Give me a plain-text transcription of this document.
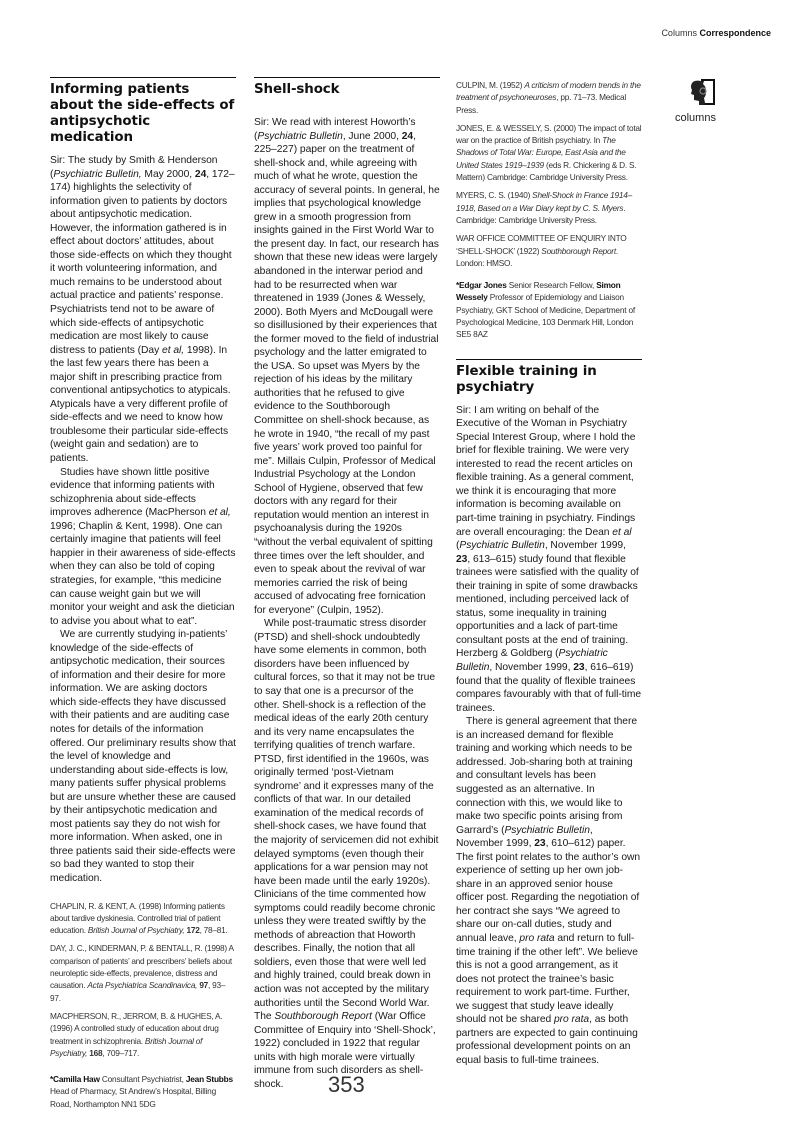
Columns Correspondence
columns
Informing patients about the side-effects of antipsychotic medication

Sir: The study by Smith & Henderson (Psychiatric Bulletin, May 2000, 24, 172–174) highlights the selectivity of information given to patients by doctors about antipsychotic medication. However, the information gathered is in effect about doctors’ attitudes, about those side-effects on which they thought it worth volunteering information, and much remains to be understood about actual practice and patients’ response. Psychiatrists tend not to be aware of which side-effects of antipsychotic medication are most likely to cause distress to patients (Day et al, 1998). In the last few years there has been a major shift in prescribing practice from conventional antipsychotics to atypicals. Atypicals have a very different profile of side-effects and we need to know how troublesome their particular side-effects (weight gain and sedation) are to patients.

Studies have shown little positive evidence that informing patients with schizophrenia about side-effects improves adherence (MacPherson et al, 1996; Chaplin & Kent, 1998). One can certainly imagine that patients will feel happier in their awareness of side-effects when they can also be told of coping strategies, for example, “this medicine can cause weight gain but we will monitor your weight and ask the dietician to advise you about what to eat”.

We are currently studying in-patients’ knowledge of the side-effects of antipsychotic medication, their sources of information and their desire for more information. We are asking doctors which side-effects they have discussed with their patients and are auditing case notes for details of the information offered. Our preliminary results show that the level of knowledge and understanding about side-effects is low, many patients suffer physical problems but are unsure whether these are caused by their antipsychotic medication and most patients say they do not wish for more information. When asked, one in three patients said their side-effects were so bad they wanted to stop their medication.

CHAPLIN, R. & KENT, A. (1998) Informing patients about tardive dyskinesia. Controlled trial of patient education. British Journal of Psychiatry, 172, 78–81.

DAY, J. C., KINDERMAN, P. & BENTALL, R. (1998) A comparison of patients’ and prescribers’ beliefs about neuroleptic side-effects, prevalence, distress and causation. Acta Psychiatrica Scandinavica, 97, 93–97.

MACPHERSON, R., JERROM, B. & HUGHES, A. (1996) A controlled study of education about drug treatment in schizophrenia. British Journal of Psychiatry, 168, 709–717.

*Camilla Haw Consultant Psychiatrist, Jean Stubbs Head of Pharmacy, St Andrew’s Hospital, Billing Road, Northampton NN1 5DG
Shell-shock

Sir: We read with interest Howorth’s (Psychiatric Bulletin, June 2000, 24, 225–227) paper on the treatment of shell-shock and, while agreeing with much of what he wrote, question the accuracy of several points. In general, he implies that psychological knowledge grew in a smooth progression from insights gained in the First World War to the present day. In fact, our research has shown that these new ideas were largely abandoned in the interwar period and had to be resurrected when war threatened in 1939 (Jones & Wessely, 2000). Both Myers and McDougall were so disillusioned by their experiences that the former moved to the field of industrial psychology and the latter emigrated to the USA. So upset was Myers by the rejection of his ideas by the military authorities that he refused to give evidence to the Southborough Committee on shell-shock because, as he wrote in 1940, “the recall of my past five years’ work proved too painful for me”. Millais Culpin, Professor of Medical Industrial Psychology at the London School of Hygiene, observed that few doctors with any regard for their reputation would mention an interest in psychoanalysis during the 1920s “without the verbal equivalent of spitting three times over the left shoulder, and even to speak about the revival of war memories carried the risk of being accused of advocating free fornication for everyone” (Culpin, 1952).

While post-traumatic stress disorder (PTSD) and shell-shock undoubtedly have some elements in common, both disorders have been influenced by cultural forces, so that it may not be true to say that one is a precursor of the other. Shell-shock is a reflection of the medical ideas of the early 20th century and its very name encapsulates the terrifying qualities of trench warfare. PTSD, first identified in the 1960s, was originally termed ‘post-Vietnam syndrome’ and it expresses many of the conflicts of that war. In our detailed examination of the medical records of shell-shock cases, we have found that the majority of servicemen did not exhibit delayed symptoms (even though their applications for a war pension may not have been made until the early 1920s). Clinicians of the time commented how symptoms could readily become chronic unless they were treated swiftly by the methods of abreaction that Howorth describes. Finally, the notion that all soldiers, even those that were well led and highly trained, could break down in action was not accepted by the military authorities until the Second World War. The Southborough Report (War Office Committee of Enquiry into ‘Shell-Shock’, 1922) concluded in 1922 that regular units with high morale were virtually immune from such disorders as shell-shock.

CULPIN, M. (1952) A criticism of modern trends in the treatment of psychoneuroses, pp. 71–73. Medical Press.

JONES, E. & WESSELY, S. (2000) The impact of total war on the practice of British psychiatry. In The Shadows of Total War: Europe, East Asia and the United States 1919–1939 (eds R. Chickering & D. S. Mattern) Cambridge: Cambridge University Press.

MYERS, C. S. (1940) Shell-Shock in France 1914–1918, Based on a War Diary kept by C. S. Myers. Cambridge: Cambridge University Press.

WAR OFFICE COMMITTEE OF ENQUIRY INTO ‘SHELL-SHOCK’ (1922) Southborough Report. London: HMSO.

*Edgar Jones Senior Research Fellow, Simon Wessely Professor of Epidemiology and Liaison Psychiatry, GKT School of Medicine, Department of Psychological Medicine, 103 Denmark Hill, London SE5 8AZ
Flexible training in psychiatry

Sir: I am writing on behalf of the Executive of the Woman in Psychiatry Special Interest Group, where I hold the brief for flexible training. We were very interested to read the recent articles on flexible training. As a general comment, we think it is encouraging that more information is becoming available on part-time training in psychiatry. Findings are overall encouraging: the Dean et al (Psychiatric Bulletin, November 1999, 23, 613–615) study found that flexible trainees were satisfied with the quality of their training in spite of some drawbacks mentioned, including perceived lack of status, some inequality in training opportunities and a lack of part-time consultant posts at the end of training. Herzberg & Goldberg (Psychiatric Bulletin, November 1999, 23, 616–619) found that the quality of flexible trainees compares favourably with that of full-time trainees.

There is general agreement that there is an increased demand for flexible training and working which needs to be addressed. Job-sharing both at training and consultant levels has been suggested as an alternative. In connection with this, we would like to make two specific points arising from Garrard’s (Psychiatric Bulletin, November 1999, 23, 610–612) paper. The first point relates to the author’s own experience of setting up her own job-share in an approved senior house officer post. Regarding the negotiation of her contract she says “We agreed to share our on-call duties, study and annual leave, pro rata and return to full-time training if the other left”. We believe this is not a good arrangement, as it does not protect the trainee’s basic requirement to work part-time. Further, we suggest that study leave ideally should not be shared pro rata, as both partners are expected to gain continuing professional development points on an equal basis to full-time trainees.

353
